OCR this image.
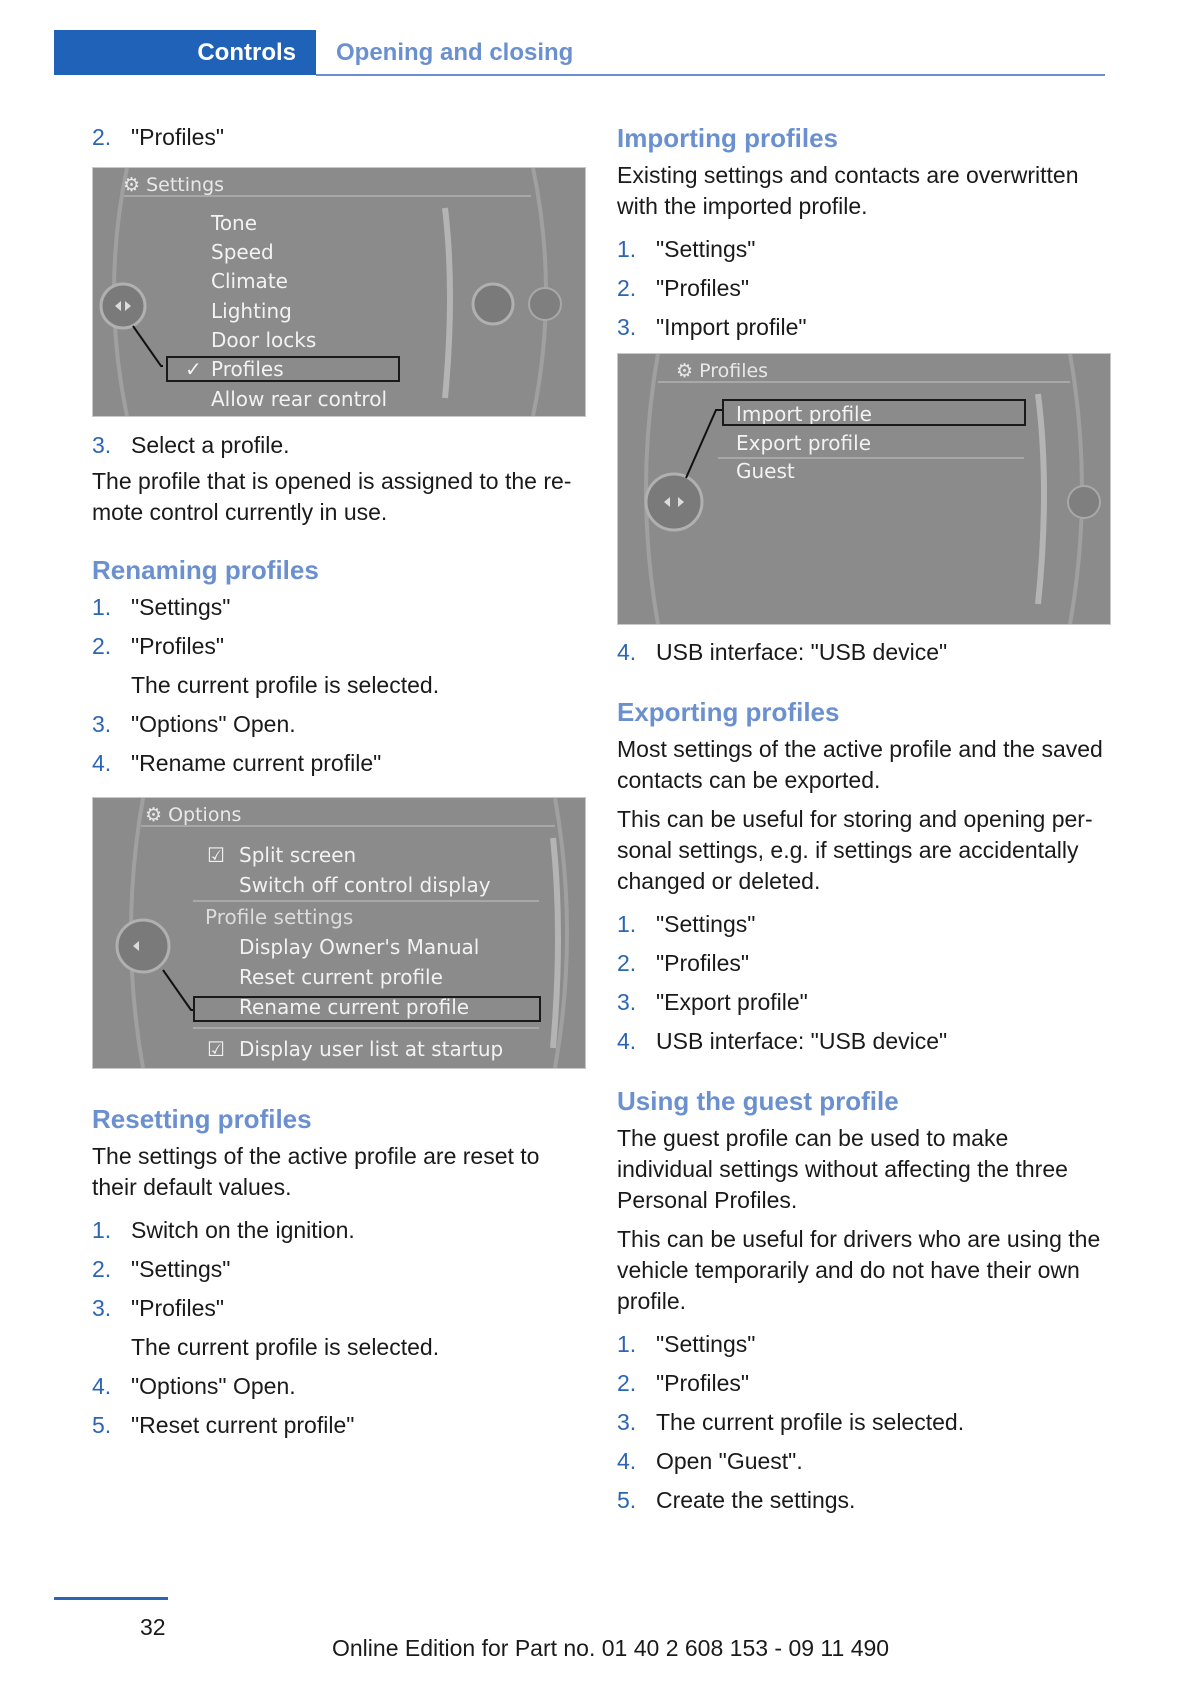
Controls	Opening and closing
2. "Profiles"
⚙ Settings
Tone
Speed
Climate
Lighting
Door locks
✓ Profiles
Allow rear control
3. Select a profile.

The profile that is opened is assigned to the re‐mote control currently in use.

Renaming profiles
1. "Settings"
2. "Profiles"
The current profile is selected.
3. "Options" Open.
4. "Rename current profile"
⚙ Options
☑ Split screen
Switch off control display
Profile settings
Display Owner's Manual
Reset current profile
Rename current profile
☑ Display user list at startup
Resetting profiles

The settings of the active profile are reset to their default values.

1. Switch on the ignition.
2. "Settings"
3. "Profiles"
The current profile is selected.
4. "Options" Open.
5. "Reset current profile"
Importing profiles

Existing settings and contacts are overwritten with the imported profile.

1. "Settings"
2. "Profiles"
3. "Import profile"
⚙ Profiles
Import profile
Export profile
Guest
4. USB interface: "USB device"
Exporting profiles

Most settings of the active profile and the saved contacts can be exported.

This can be useful for storing and opening per‐sonal settings, e.g. if settings are accidentally changed or deleted.

1. "Settings"
2. "Profiles"
3. "Export profile"
4. USB interface: "USB device"
Using the guest profile

The guest profile can be used to make individual settings without affecting the three Personal Profiles.

This can be useful for drivers who are using the vehicle temporarily and do not have their own profile.

1. "Settings"
2. "Profiles"
3. The current profile is selected.
4. Open "Guest".
5. Create the settings.
32
Online Edition for Part no. 01 40 2 608 153 - 09 11 490
